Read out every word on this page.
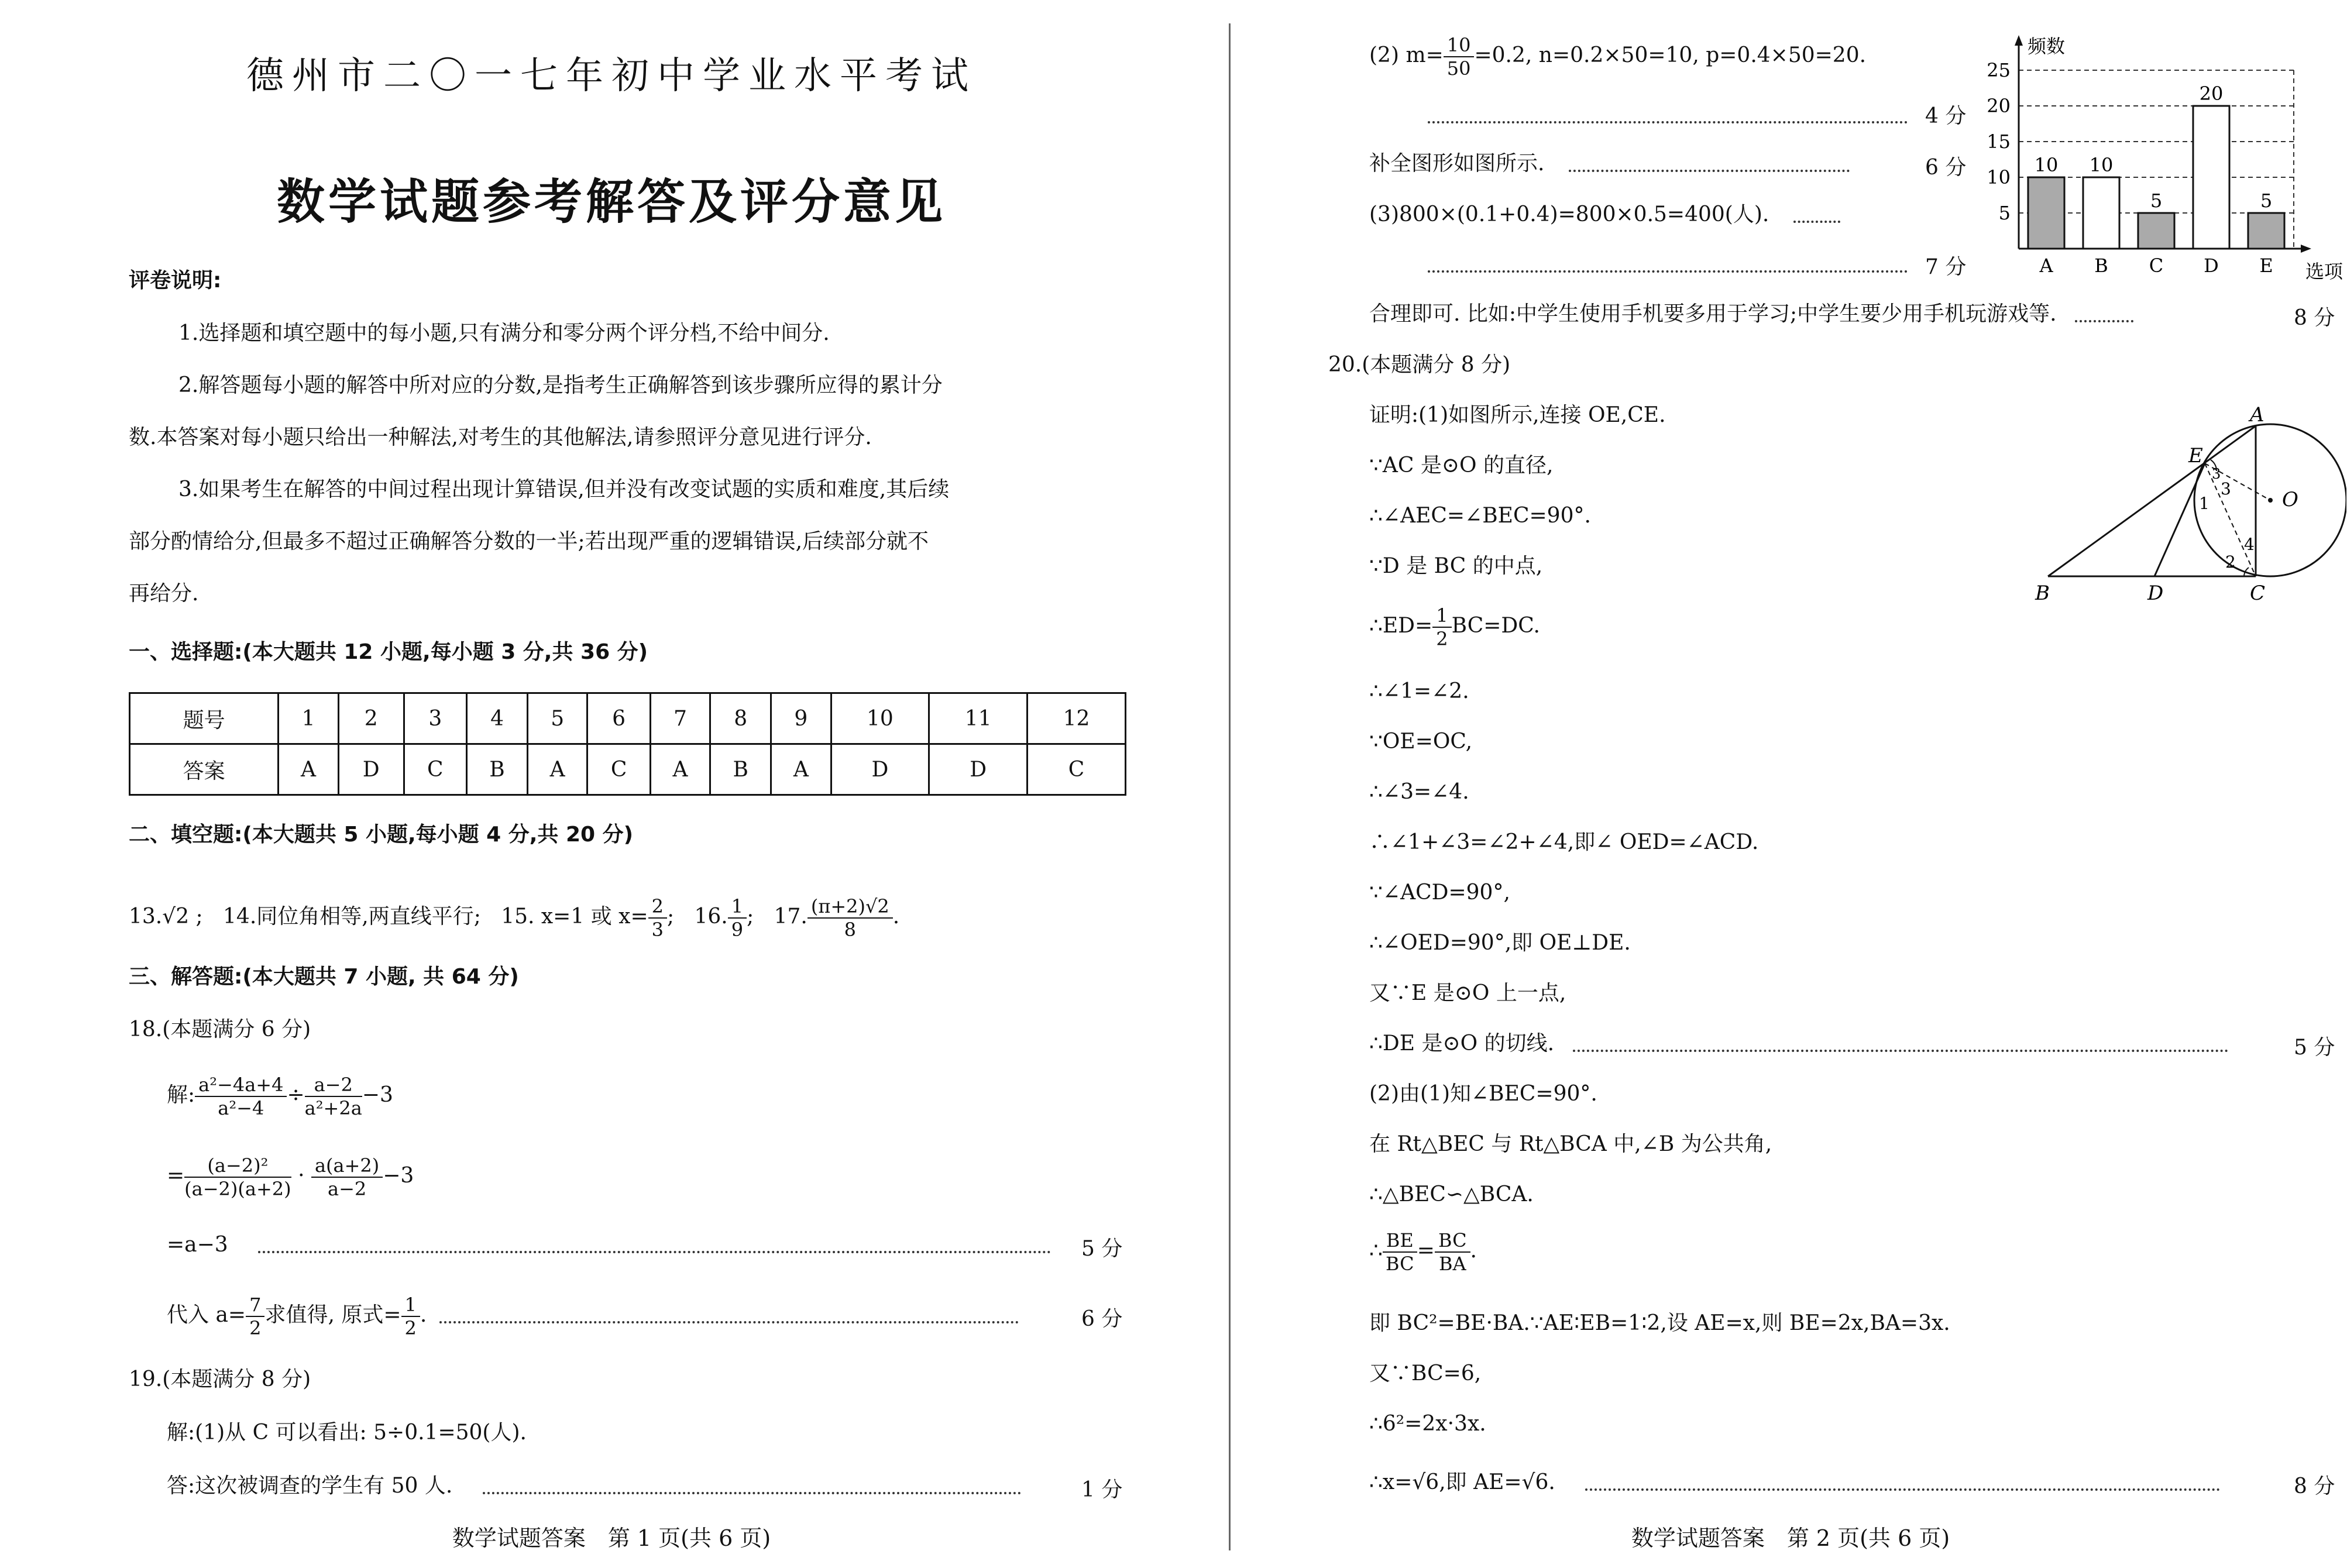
德州市二〇一七年初中学业水平考试
数学试题参考解答及评分意见
评卷说明:
1.选择题和填空题中的每小题,只有满分和零分两个评分档,不给中间分.
2.解答题每小题的解答中所对应的分数,是指考生正确解答到该步骤所应得的累计分
数.本答案对每小题只给出一种解法,对考生的其他解法,请参照评分意见进行评分.
3.如果考生在解答的中间过程出现计算错误,但并没有改变试题的实质和难度,其后续
部分酌情给分,但最多不超过正确解答分数的一半;若出现严重的逻辑错误,后续部分就不
再给分.
一、选择题:(本大题共 12 小题,每小题 3 分,共 36 分)
题号	1	2	3	4	5	6	7	8	9	10	11	12
答案	A	D	C	B	A	C	A	B	A	D	D	C
二、填空题:(本大题共 5 小题,每小题 4 分,共 20 分)
13.√2 ; 14.同位角相等,两直线平行; 15. x=1 或 $x= \frac{2}{3}$ ; 16. $\frac{1}{9}$ ; 17. $\frac{(\pi+2)√2}{8}$ .
三、解答题:(本大题共 7 小题, 共 64 分)
18.(本题满分 6 分)
解: $\frac{\text{a²−4a+4}}{\text{a²−4}} \div \frac{a-2}{\text{a²+2a}} -3$
= $\frac{\text{(a−2)²}}{(a-2)(a+2)} \cdot \frac{a(a+2)}{a-2} -3$
=a−3	5 分
代入 $a= \frac{7}{2}$ 求值得, 原式= $\frac{1}{2}$ .	6 分
19.(本题满分 8 分)
解:(1)从 C 可以看出: 5÷0.1=50(人).
答:这次被调查的学生有 50 人.	1 分
数学试题答案　第 1 页(共 6 页)
(2) $m= \frac{10}{50} =0.2$, n=0.2×50=10, p=0.4×50=20.
4 分
补全图形如图所示.	6 分
(3)800×(0.1+0.4)=800×0.5=400(人).
7 分
5
10
15
20
25
10
A
10
B
5
C
20
D
5
E
频数
选项
合理即可. 比如:中学生使用手机要多用于学习;中学生要少用手机玩游戏等.	8 分
20.(本题满分 8 分)
证明:(1)如图所示,连接 OE,CE.
∵AC 是⊙O 的直径,
∴∠AEC=∠BEC=90°.
∵D 是 BC 的中点,
∴ED= $\frac{1}{2} BC=DC$.
∴∠1=∠2.
∵OE=OC,
∴∠3=∠4.
∴∠1+∠3=∠2+∠4,即∠ OED=∠ACD.
∵∠ACD=90°,
∴∠OED=90°,即 OE⊥DE.
又∵E 是⊙O 上一点,
∴DE 是⊙O 的切线.	5 分
(2)由(1)知∠BEC=90°.
在 Rt△BEC 与 Rt△BCA 中,∠B 为公共角,
∴△BEC∽△BCA.
∴ $\frac{BE}{BC} = \frac{BC}{BA}$ .
即 BC²=BE·BA.∵AE∶EB=1∶2,设 AE=x,则 BE=2x,BA=3x.
又∵BC=6,
∴6²=2x·3x.
∴x=√6,即 AE=√6.	8 分
A
E
O
B	D	C
1
2
3
4
3
数学试题答案　第 2 页(共 6 页)
